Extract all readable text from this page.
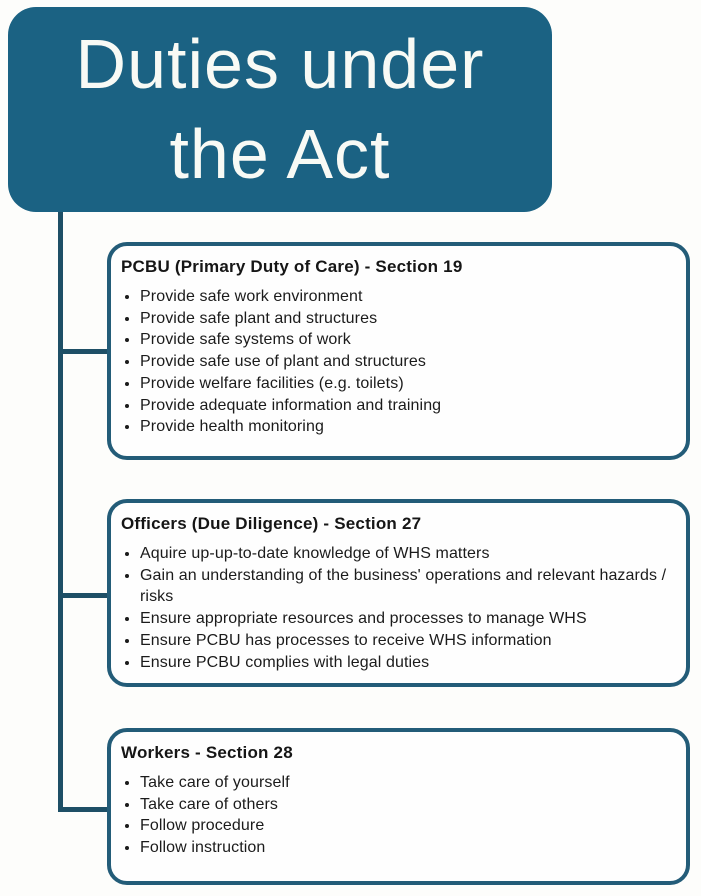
Duties under
the Act
PCBU (Primary Duty of Care) - Section 19
• Provide safe work environment
• Provide safe plant and structures
• Provide safe systems of work
• Provide safe use of plant and structures
• Provide welfare facilities (e.g. toilets)
• Provide adequate information and training
• Provide health monitoring
Officers (Due Diligence) - Section 27
• Aquire up-up-to-date knowledge of WHS matters
• Gain an understanding of the business' operations and relevant hazards / risks
• Ensure appropriate resources and processes to manage WHS
• Ensure PCBU has processes to receive WHS information
• Ensure PCBU complies with legal duties
Workers - Section 28
• Take care of yourself
• Take care of others
• Follow procedure
• Follow instruction
